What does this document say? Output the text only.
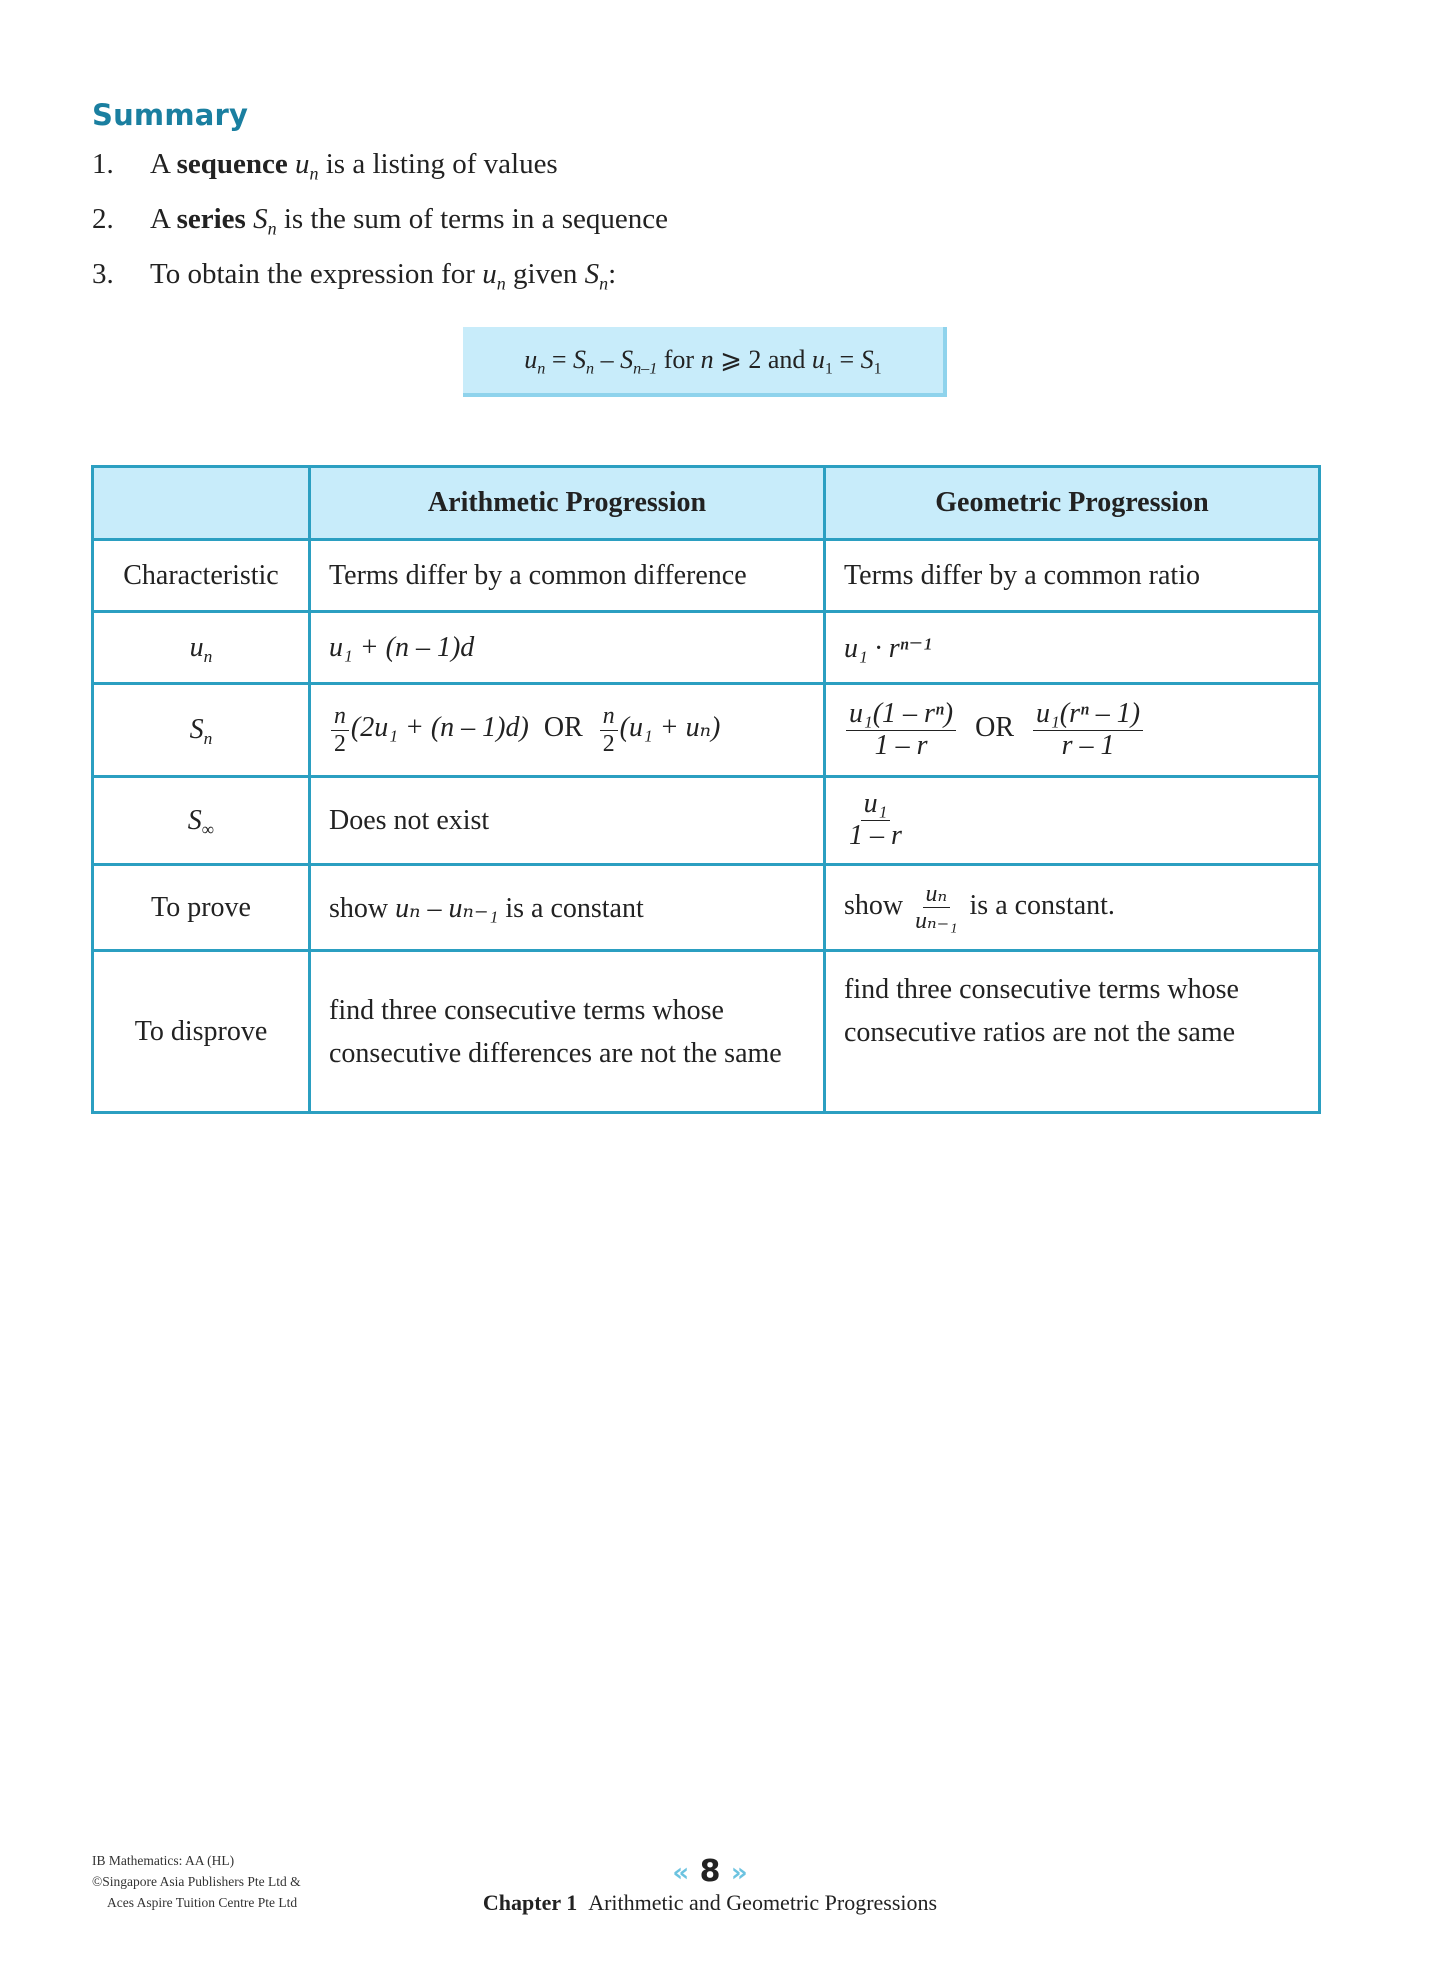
Summary
1. A sequence $u_n$ is a listing of values
2. A series $S_n$ is the sum of terms in a sequence
3. To obtain the expression for $u_n$ given $S_n$:
$u_n = S_n - S_{n-1}$ for n ⩾ 2 and $u_1 = S_1$
	Arithmetic Progression	Geometric Progression
Characteristic	Terms differ by a common difference	Terms differ by a common ratio
$u_n$	u₁ + (n – 1)d	u₁ · rⁿ⁻¹
$S_n$	$\frac{n}{2} (2u_1 + (n - 1)d)$ OR $\frac{n}{2} (u_1 + u_n)$	$\frac{\text{u₁(1 – rⁿ)}}{1 - r}$ OR $\frac{\text{u₁(rⁿ – 1)}}{r - 1}$

$S_\infty$	Does not exist	$\frac{\text{u₁}}{1 - r}$

To prove	show uₙ – uₙ₋₁ is a constant	show $\frac{\text{uₙ}}{\text{uₙ₋₁}}$ is a constant.
To disprove	find three consecutive terms whose consecutive differences are not the same	find three consecutive terms whose consecutive ratios are not the same
IB Mathematics: AA (HL)
©Singapore Asia Publishers Pte Ltd &
Aces Aspire Tuition Centre Pte Ltd
« 8 »
Chapter 1 Arithmetic and Geometric Progressions
